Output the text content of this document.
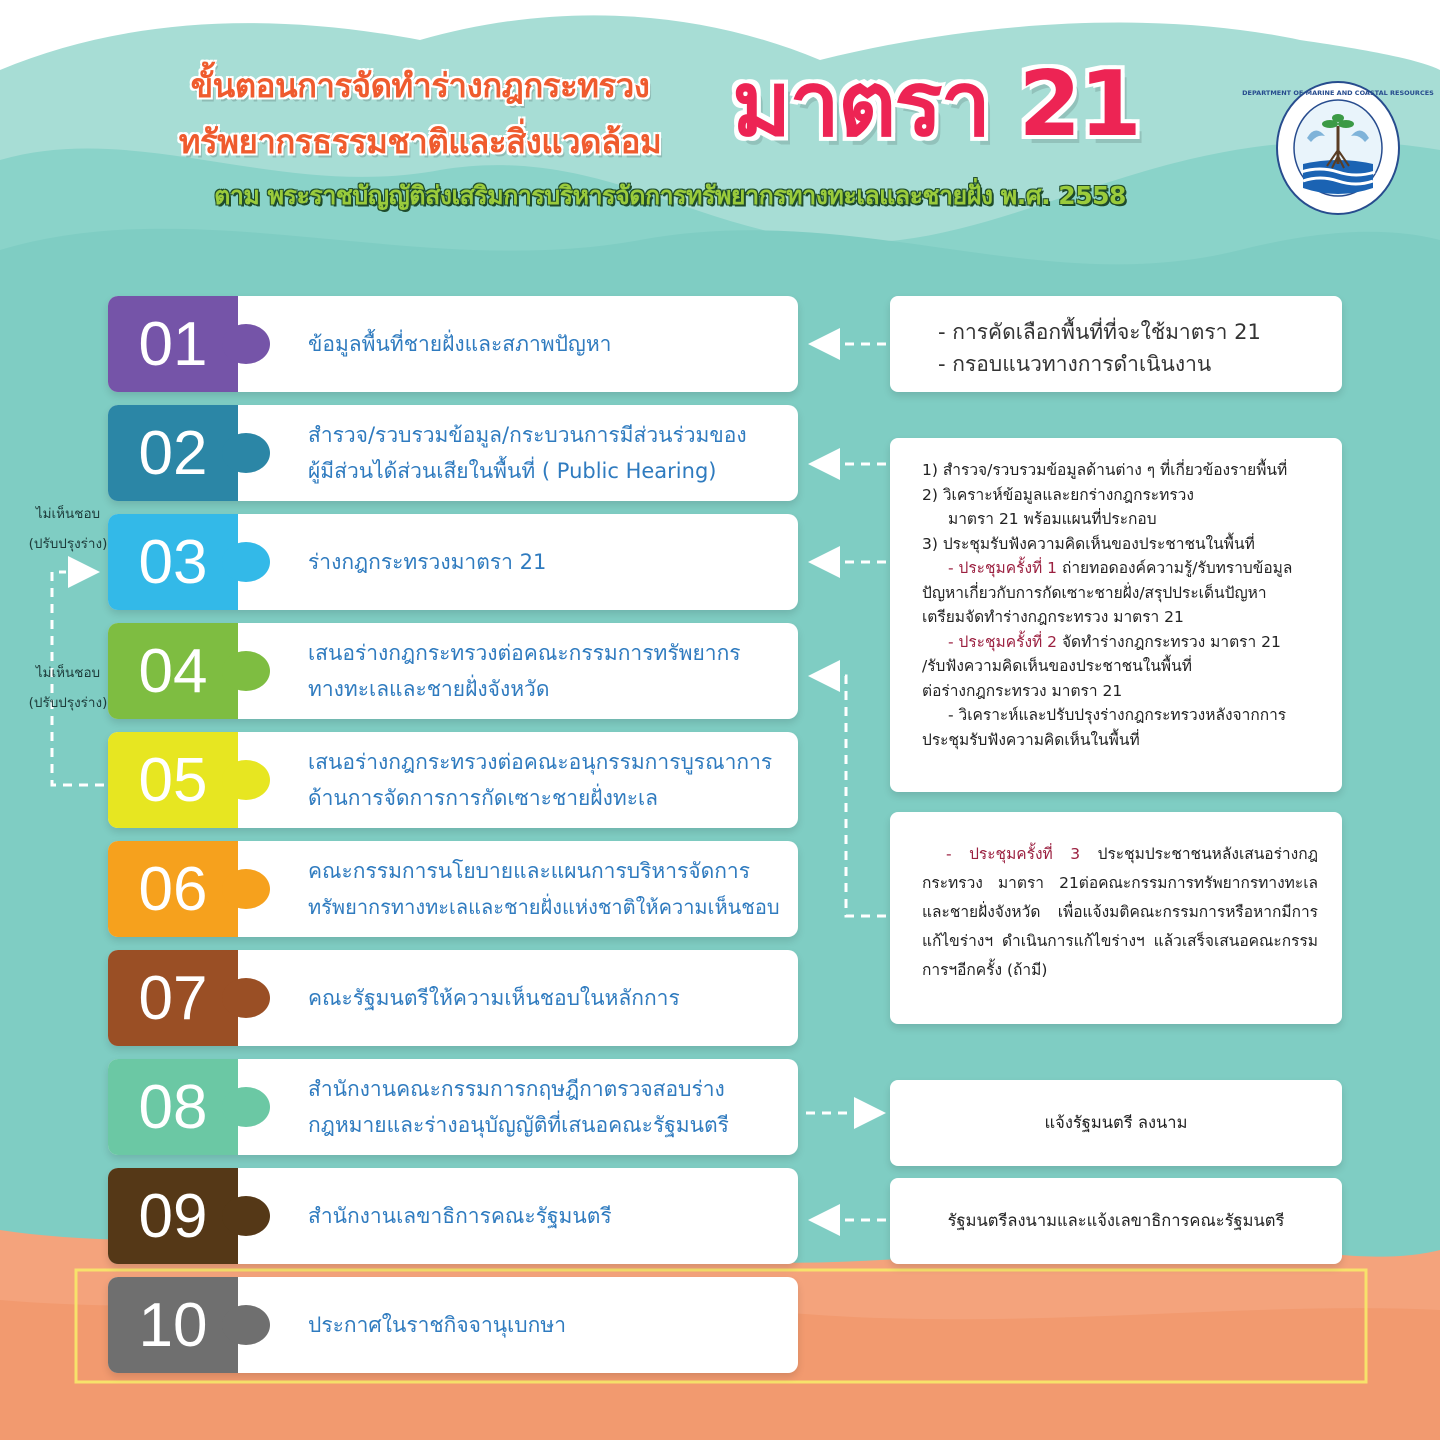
ขั้นตอนการจัดทำร่างกฎกระทรวง
ทรัพยากรธรรมชาติและสิ่งแวดล้อม มาตรา 21
ตาม พระราชบัญญัติส่งเสริมการบริหารจัดการทรัพยากรทางทะเลและชายฝั่ง พ.ศ. 2558
DEPARTMENT OF MARINE AND COASTAL RESOURCES
ไม่เห็นชอบ
(ปรับปรุงร่าง)
ไม่เห็นชอบ
(ปรับปรุงร่าง)
01	ข้อมูลพื้นที่ชายฝั่งและสภาพปัญหา
02	สำรวจ/รวบรวมข้อมูล/กระบวนการมีส่วนร่วมของ
ผู้มีส่วนได้ส่วนเสียในพื้นที่ ( Public Hearing)
03	ร่างกฎกระทรวงมาตรา 21
04	เสนอร่างกฎกระทรวงต่อคณะกรรมการทรัพยากร
ทางทะเลและชายฝั่งจังหวัด
05	เสนอร่างกฎกระทรวงต่อคณะอนุกรรมการบูรณาการ
ด้านการจัดการการกัดเซาะชายฝั่งทะเล
06	คณะกรรมการนโยบายและแผนการบริหารจัดการ
ทรัพยากรทางทะเลและชายฝั่งแห่งชาติให้ความเห็นชอบ
07	คณะรัฐมนตรีให้ความเห็นชอบในหลักการ
08	สำนักงานคณะกรรมการกฤษฎีกาตรวจสอบร่าง
กฎหมายและร่างอนุบัญญัติที่เสนอคณะรัฐมนตรี
09	สำนักงานเลขาธิการคณะรัฐมนตรี
10	ประกาศในราชกิจจานุเบกษา
- การคัดเลือกพื้นที่ที่จะใช้มาตรา 21
- กรอบแนวทางการดำเนินงาน
1) สำรวจ/รวบรวมข้อมูลด้านต่าง ๆ ที่เกี่ยวข้องรายพื้นที่
2) วิเคราะห์ข้อมูลและยกร่างกฎกระทรวง
มาตรา 21 พร้อมแผนที่ประกอบ
3) ประชุมรับฟังความคิดเห็นของประชาชนในพื้นที่
- ประชุมครั้งที่ 1 ถ่ายทอดองค์ความรู้/รับทราบข้อมูล
ปัญหาเกี่ยวกับการกัดเซาะชายฝั่ง/สรุปประเด็นปัญหา
เตรียมจัดทำร่างกฎกระทรวง มาตรา 21
- ประชุมครั้งที่ 2 จัดทำร่างกฎกระทรวง มาตรา 21
/รับฟังความคิดเห็นของประชาชนในพื้นที่
ต่อร่างกฎกระทรวง มาตรา 21
- วิเคราะห์และปรับปรุงร่างกฎกระทรวงหลังจากการ
ประชุมรับฟังความคิดเห็นในพื้นที่
- ประชุมครั้งที่ 3 ประชุมประชาชนหลังเสนอร่างกฎกระทรวง มาตรา 21ต่อคณะกรรมการทรัพยากรทางทะเลและชายฝั่งจังหวัด เพื่อแจ้งมติคณะกรรมการหรือหากมีการแก้ไขร่างฯ ดำเนินการแก้ไขร่างฯ แล้วเสร็จเสนอคณะกรรมการฯอีกครั้ง (ถ้ามี)
แจ้งรัฐมนตรี ลงนาม
รัฐมนตรีลงนามและแจ้งเลขาธิการคณะรัฐมนตรี
